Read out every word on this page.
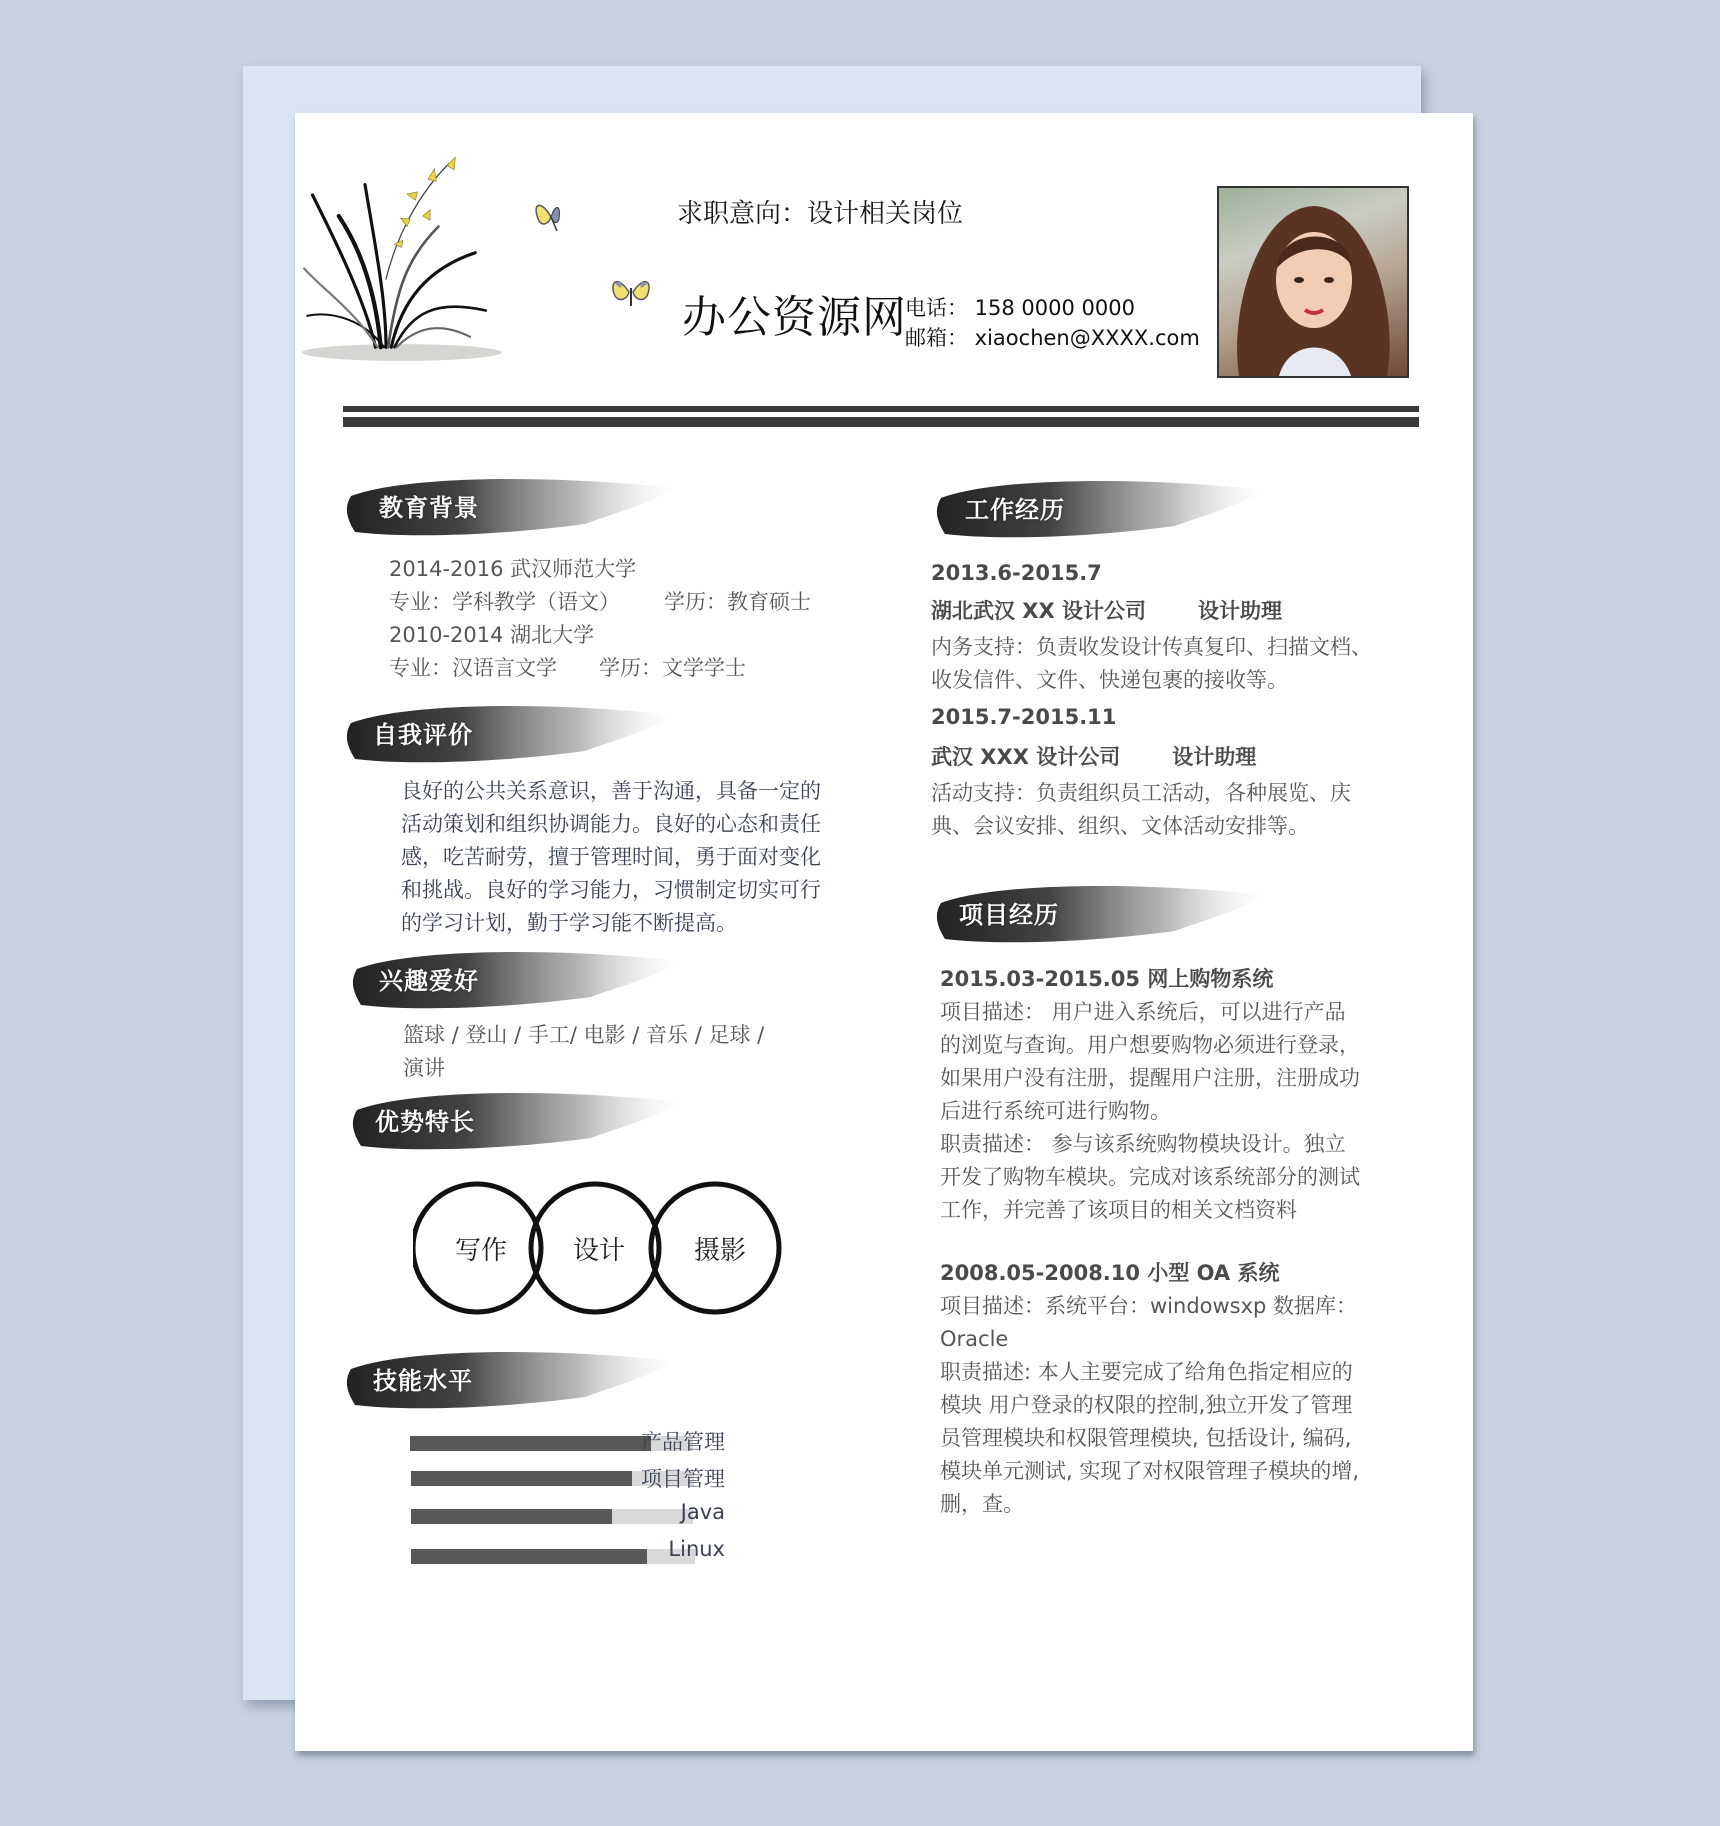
求职意向：设计相关岗位
办公资源网
电话： 158 0000 0000
邮箱： xiaochen@XXXX.com
教育背景
2014-2016 武汉师范大学
专业：学科教学（语文） 学历：教育硕士
2010-2014 湖北大学
专业：汉语言文学 学历：文学学士
自我评价
良好的公共关系意识，善于沟通，具备一定的
活动策划和组织协调能力。良好的心态和责任
感，吃苦耐劳，擅于管理时间，勇于面对变化
和挑战。良好的学习能力，习惯制定切实可行
的学习计划，勤于学习能不断提高。
兴趣爱好
篮球 / 登山 / 手工/ 电影 / 音乐 / 足球 /
演讲
优势特长
写作	设计	摄影
技能水平
产品管理
项目管理
Java
Linux
工作经历
2013.6-2015.7
湖北武汉 XX 设计公司 设计助理
内务支持：负责收发设计传真复印、扫描文档、
收发信件、文件、快递包裹的接收等。
2015.7-2015.11
武汉 XXX 设计公司 设计助理
活动支持：负责组织员工活动，各种展览、庆
典、会议安排、组织、文体活动安排等。
项目经历
2015.03-2015.05 网上购物系统
项目描述： 用户进入系统后，可以进行产品
的浏览与查询。用户想要购物必须进行登录，
如果用户没有注册，提醒用户注册，注册成功
后进行系统可进行购物。
职责描述： 参与该系统购物模块设计。独立
开发了购物车模块。完成对该系统部分的测试
工作，并完善了该项目的相关文档资料
2008.05-2008.10 小型 OA 系统
项目描述：系统平台：windowsxp 数据库：
Oracle
职责描述: 本人主要完成了给角色指定相应的
模块 用户登录的权限的控制,独立开发了管理
员管理模块和权限管理模块, 包括设计, 编码,
模块单元测试, 实现了对权限管理子模块的增,
删，查。
